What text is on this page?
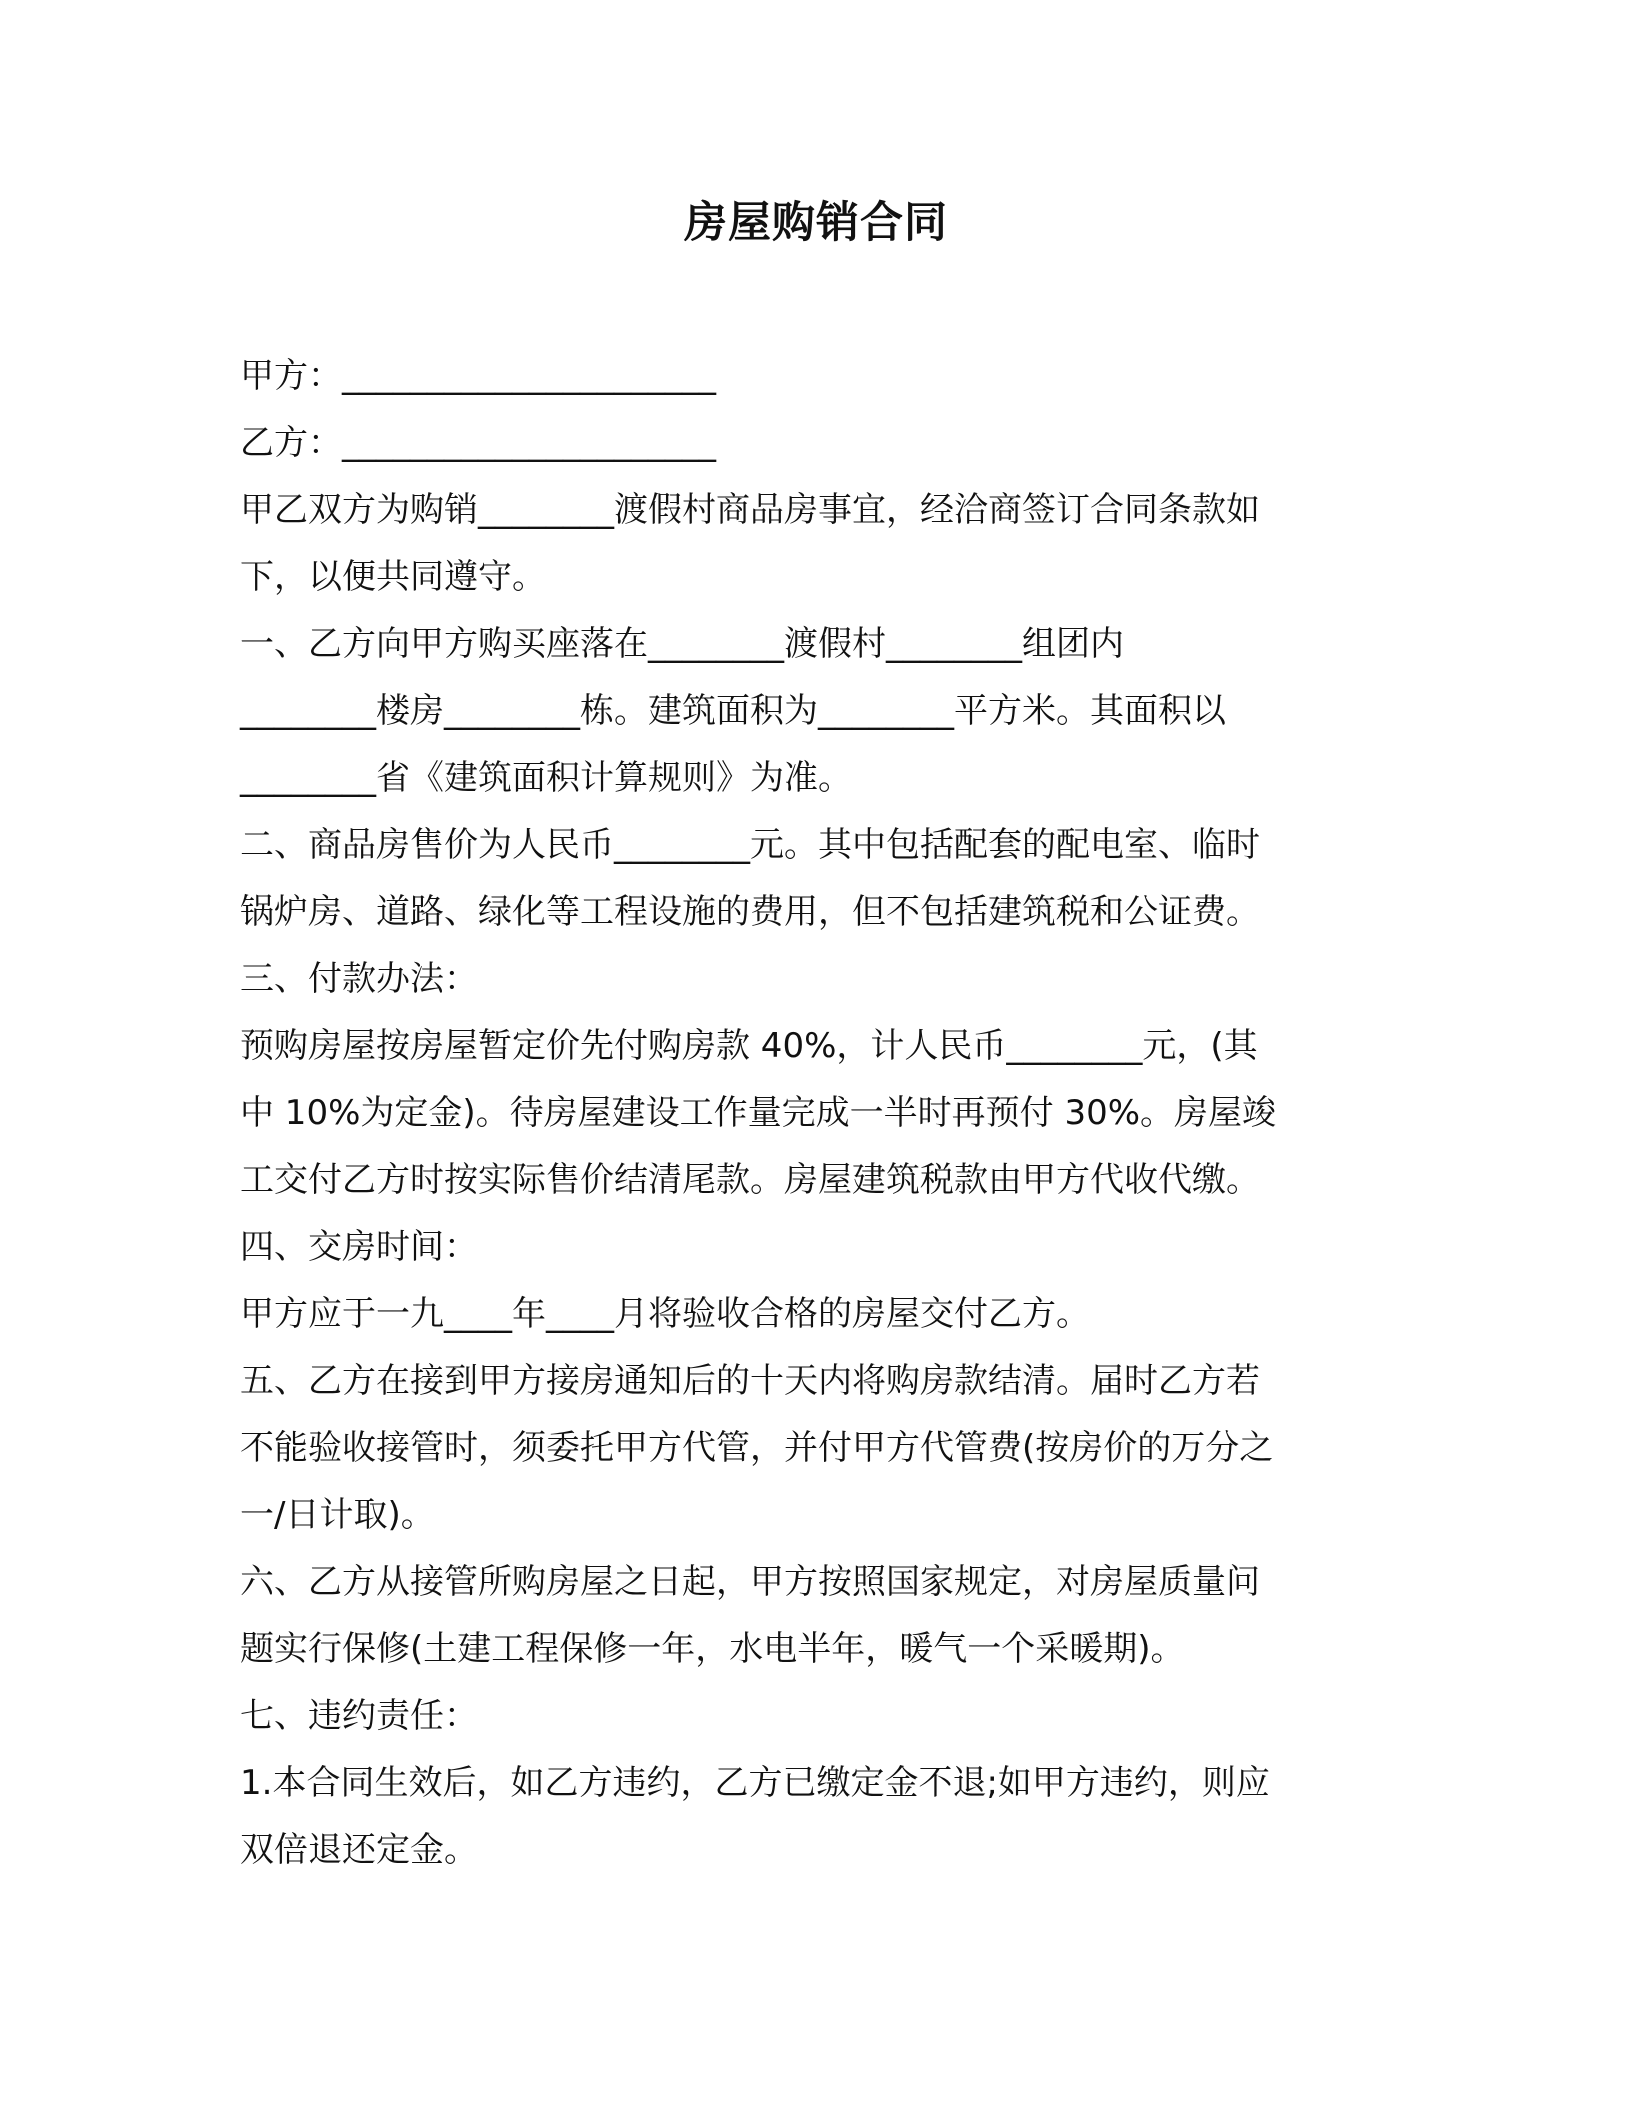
房屋购销合同
甲方：______________________
乙方：______________________
甲乙双方为购销________渡假村商品房事宜，经洽商签订合同条款如
下，以便共同遵守。
一、乙方向甲方购买座落在________渡假村________组团内
________楼房________栋。建筑面积为________平方米。其面积以
________省《建筑面积计算规则》为准。
二、商品房售价为人民币________元。其中包括配套的配电室、临时
锅炉房、道路、绿化等工程设施的费用，但不包括建筑税和公证费。
三、付款办法：
预购房屋按房屋暂定价先付购房款 40%，计人民币________元，(其
中 10%为定金)。待房屋建设工作量完成一半时再预付 30%。房屋竣
工交付乙方时按实际售价结清尾款。房屋建筑税款由甲方代收代缴。
四、交房时间：
甲方应于一九____年____月将验收合格的房屋交付乙方。
五、乙方在接到甲方接房通知后的十天内将购房款结清。届时乙方若
不能验收接管时，须委托甲方代管，并付甲方代管费(按房价的万分之
一/日计取)。
六、乙方从接管所购房屋之日起，甲方按照国家规定，对房屋质量问
题实行保修(土建工程保修一年，水电半年，暖气一个采暖期)。
七、违约责任：
1.本合同生效后，如乙方违约，乙方已缴定金不退;如甲方违约，则应
双倍退还定金。
